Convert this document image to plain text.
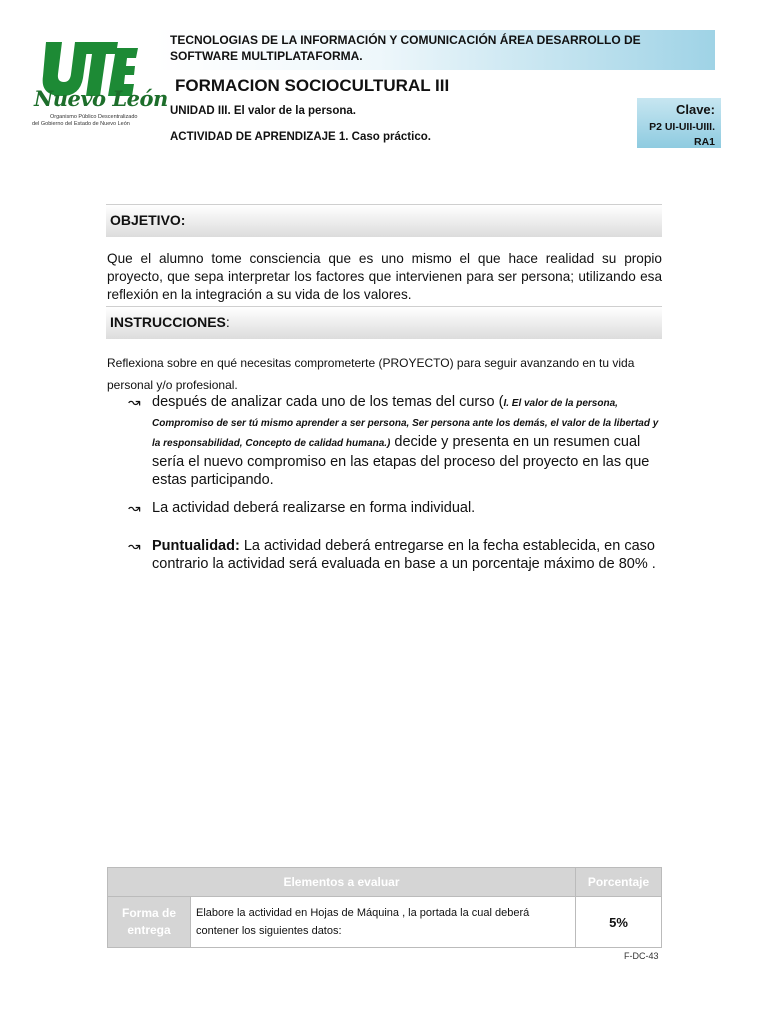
Nuevo León
Organismo Público Descentralizado
del Gobierno del Estado de Nuevo León
TECNOLOGIAS DE LA INFORMACIÓN Y COMUNICACIÓN ÁREA DESARROLLO DE SOFTWARE MULTIPLATAFORMA.
FORMACION SOCIOCULTURAL III
UNIDAD III. El valor de la persona.
ACTIVIDAD DE APRENDIZAJE 1. Caso práctico.
Clave:
P2 UI-UII-UIII.
RA1
OBJETIVO:
Que el alumno tome consciencia que es uno mismo el que hace realidad su propio proyecto, que sepa interpretar los factores que intervienen para ser persona; utilizando esa reflexión en la integración a su vida de los valores.
INSTRUCCIONES:
Reflexiona sobre en qué necesitas comprometerte (PROYECTO) para seguir avanzando en tu vida personal y/o profesional.
↝ después de analizar cada uno de los temas del curso (I. El valor de la persona, Compromiso de ser tú mismo aprender a ser persona, Ser persona ante los demás, el valor de la libertad y la responsabilidad, Concepto de calidad humana.) decide y presenta en un resumen cual sería el nuevo compromiso en las etapas del proceso del proyecto en las que estas participando.
↝ La actividad deberá realizarse en forma individual.
↝ Puntualidad: La actividad deberá entregarse en la fecha establecida, en caso contrario la actividad será evaluada en base a un porcentaje máximo de 80% .
Elementos a evaluar		Porcentaje
Forma de entrega	Elabore la actividad en Hojas de Máquina , la portada la cual deberá contener los siguientes datos:	5%
F-DC-43
